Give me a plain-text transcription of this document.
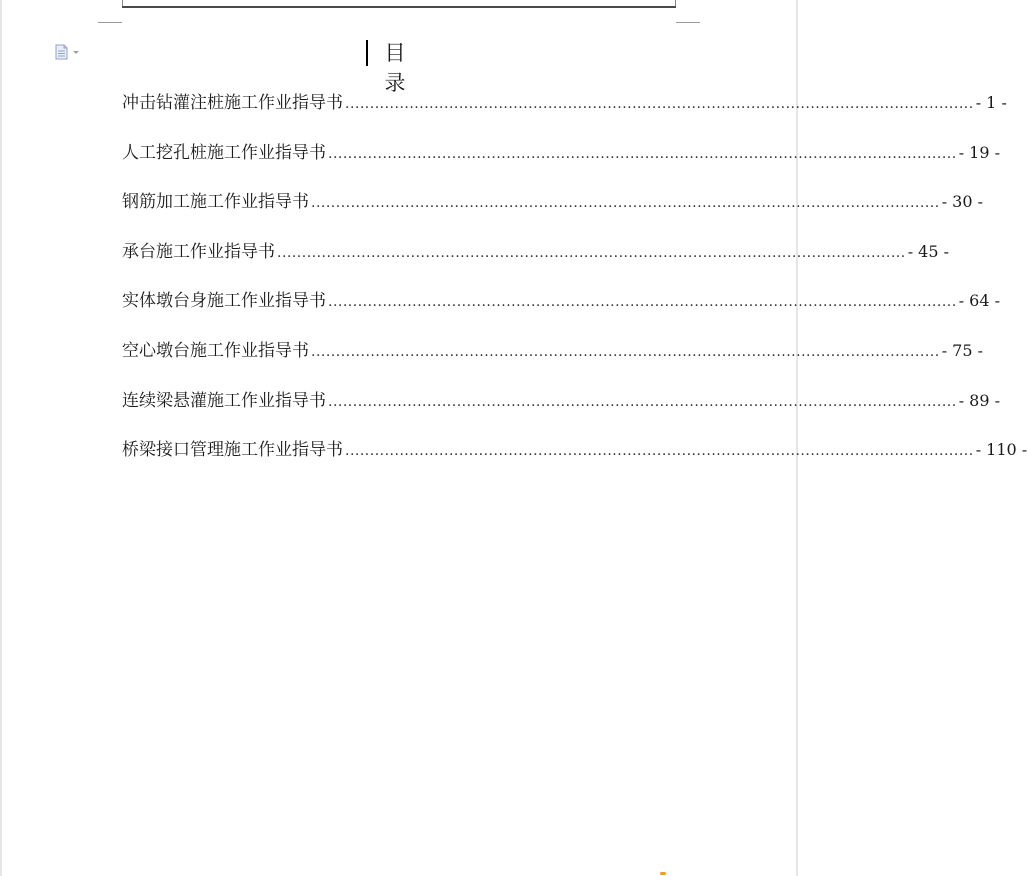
目　录
冲击钻灌注桩施工作业指导书 ............................................................................................................................... - 1 -
人工挖孔桩施工作业指导书 ............................................................................................................................... - 19 -
钢筋加工施工作业指导书 ............................................................................................................................... - 30 -
承台施工作业指导书 ............................................................................................................................... - 45 -
实体墩台身施工作业指导书 ............................................................................................................................... - 64 -
空心墩台施工作业指导书 ............................................................................................................................... - 75 -
连续梁悬灌施工作业指导书 ............................................................................................................................... - 89 -
桥梁接口管理施工作业指导书 ............................................................................................................................... - 110 -
